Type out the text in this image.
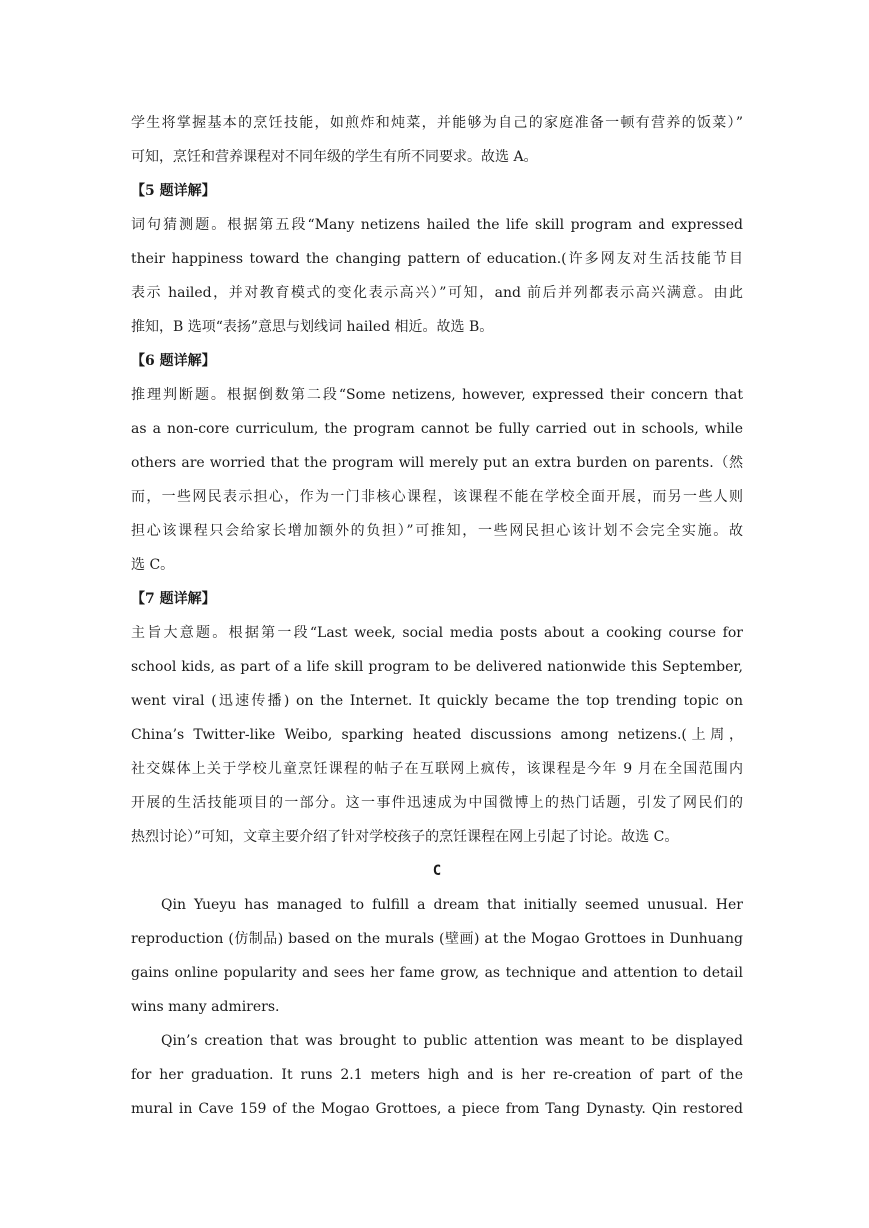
学生将掌握基本的烹饪技能，如煎炸和炖菜，并能够为自己的家庭准备一顿有营养的饭菜）”
可知，烹饪和营养课程对不同年级的学生有所不同要求。故选 A。
【5 题详解】
词句猜测题。根据第五段“Many netizens hailed the life skill program and expressed
their happiness toward the changing pattern of education.(许多网友对生活技能节目
表示 hailed，并对教育模式的变化表示高兴）”可知，and 前后并列都表示高兴满意。由此
推知，B 选项“表扬”意思与划线词 hailed 相近。故选 B。
【6 题详解】
推理判断题。根据倒数第二段“Some netizens, however, expressed their concern that
as a non-core curriculum, the program cannot be fully carried out in schools, while
others are worried that the program will merely put an extra burden on parents.（然
而，一些网民表示担心，作为一门非核心课程，该课程不能在学校全面开展，而另一些人则
担心该课程只会给家长增加额外的负担）”可推知，一些网民担心该计划不会完全实施。故
选 C。
【7 题详解】
主旨大意题。根据第一段“Last week, social media posts about a cooking course for
school kids, as part of a life skill program to be delivered nationwide this September,
went viral (迅速传播) on the Internet. It quickly became the top trending topic on
China’s Twitter-like Weibo, sparking heated discussions among netizens.(上周，
社交媒体上关于学校儿童烹饪课程的帖子在互联网上疯传，该课程是今年 9 月在全国范围内
开展的生活技能项目的一部分。这一事件迅速成为中国微博上的热门话题，引发了网民们的
热烈讨论）”可知，文章主要介绍了针对学校孩子的烹饪课程在网上引起了讨论。故选 C。
C
Qin Yueyu has managed to fulfill a dream that initially seemed unusual. Her
reproduction (仿制品) based on the murals (壁画) at the Mogao Grottoes in Dunhuang
gains online popularity and sees her fame grow, as technique and attention to detail
wins many admirers.
Qin’s creation that was brought to public attention was meant to be displayed
for her graduation. It runs 2.1 meters high and is her re-creation of part of the
mural in Cave 159 of the Mogao Grottoes, a piece from Tang Dynasty. Qin restored
